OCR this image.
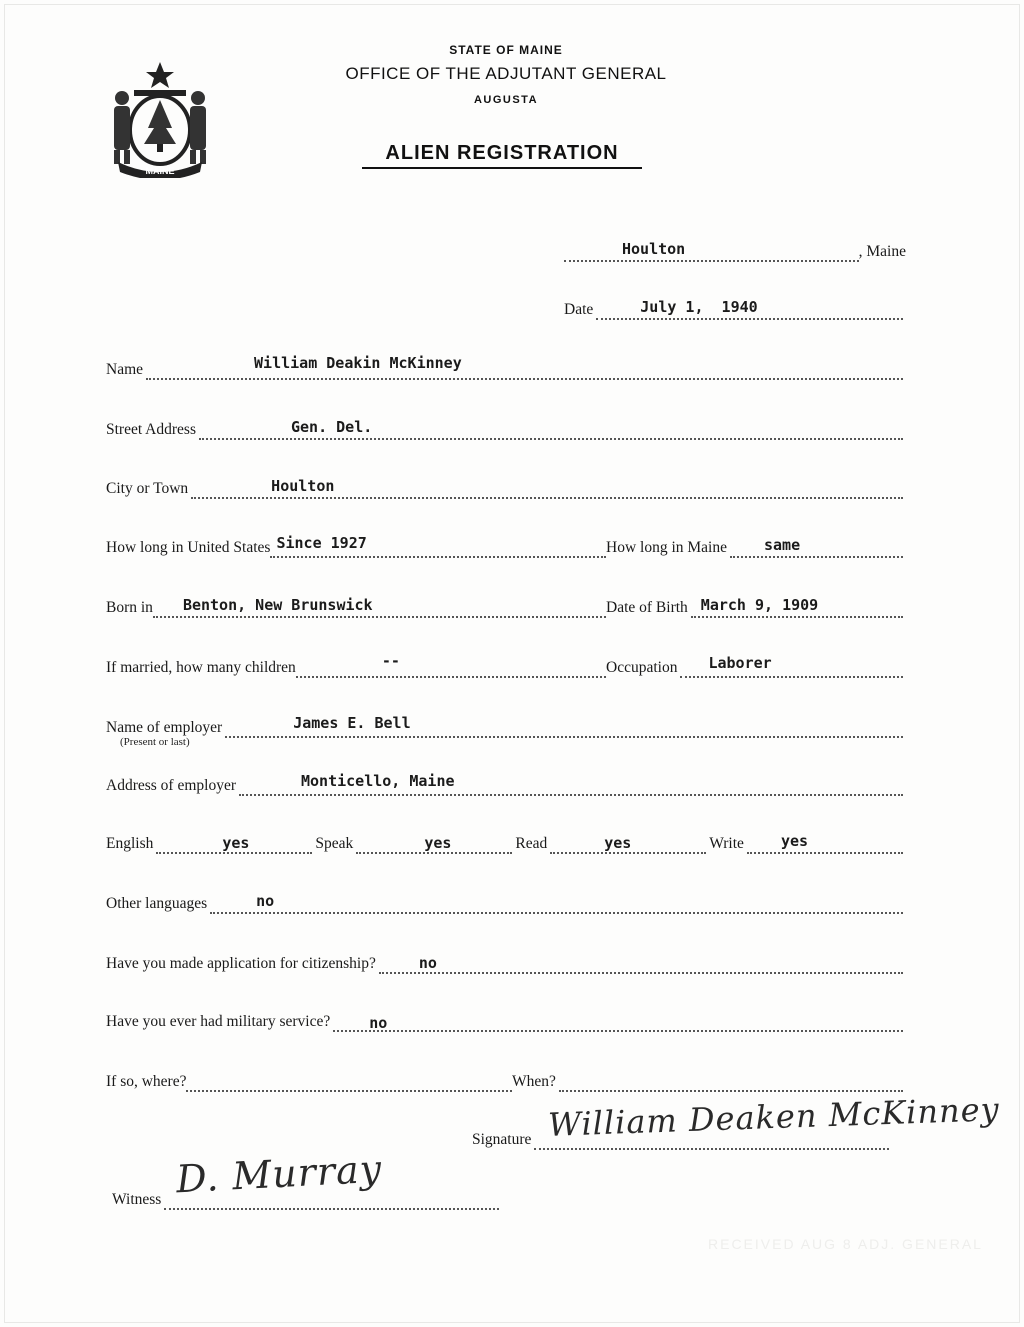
MAINE
STATE OF MAINE
OFFICE OF THE ADJUTANT GENERAL
AUGUSTA
ALIEN REGISTRATION
Houlton	, Maine
Date	July 1,  1940
Name	William Deakin McKinney
Street Address	Gen. Del.
City or Town	Houlton
How long in United States Since 1927	How long in Maine same
Born in Benton, New Brunswick	Date of Birth March 9, 1909
If married, how many children	--	Occupation Laborer
Name of employer	James E. Bell
(Present or last)
Address of employer	Monticello, Maine
English	yes	Speak	yes	Read	yes	Write yes
Other languages	no
Have you made application for citizenship?	no
Have you ever had military service?	no
If so, where?	When?
Signature William Deaken McKinney
Witness D. Murray
RECEIVED AUG 8 ADJ. GENERAL
